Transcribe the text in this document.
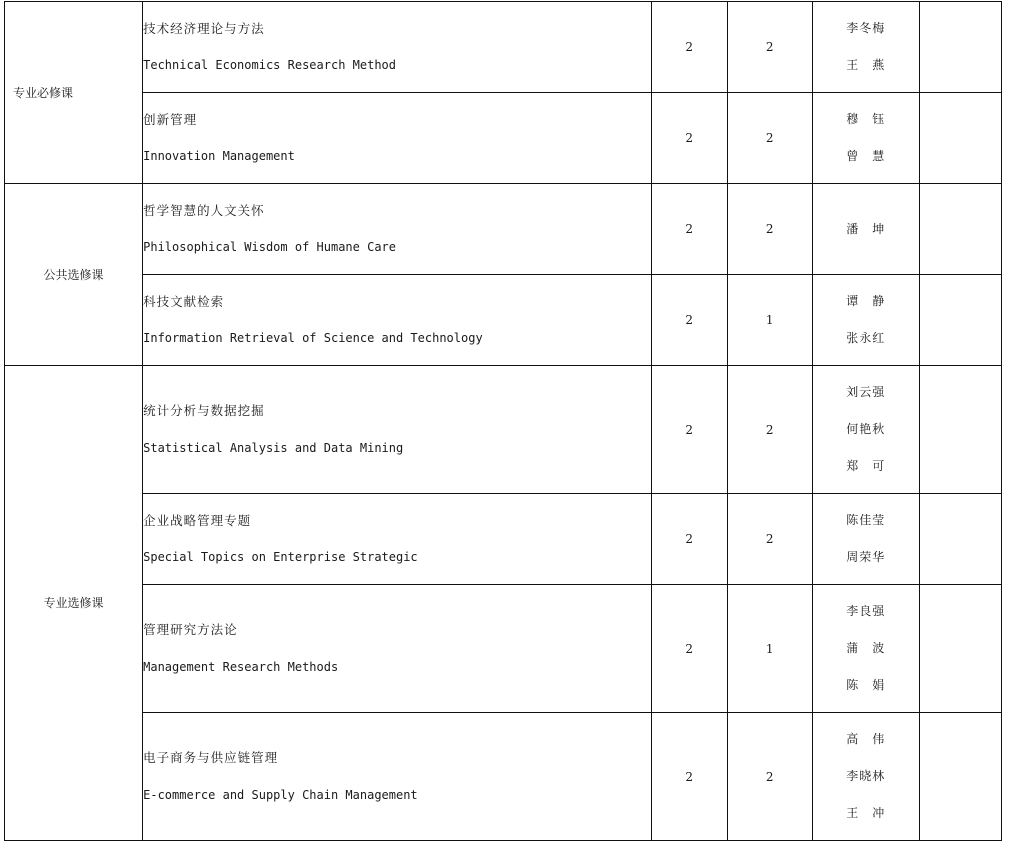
专业必修课	技术经济理论与方法
Technical Economics Research Method	2	2	李冬梅
王　燕	

	创新管理
Innovation Management	2	2	穆　钰
曾　慧	

公共选修课	哲学智慧的人文关怀
Philosophical Wisdom of Humane Care	2	2	潘　坤	

	科技文献检索
Information Retrieval of Science and Technology	2	1	谭　静
张永红	

专业选修课	统计分析与数据挖掘
Statistical Analysis and Data Mining	2	2	刘云强
何艳秋
郑　可	

	企业战略管理专题
Special Topics on Enterprise Strategic	2	2	陈佳莹
周荣华	

	管理研究方法论
Management Research Methods	2	1	李良强
蒲　波
陈　娟	

	电子商务与供应链管理
E-commerce and Supply Chain Management	2	2	高　伟
李晓林
王　冲	
